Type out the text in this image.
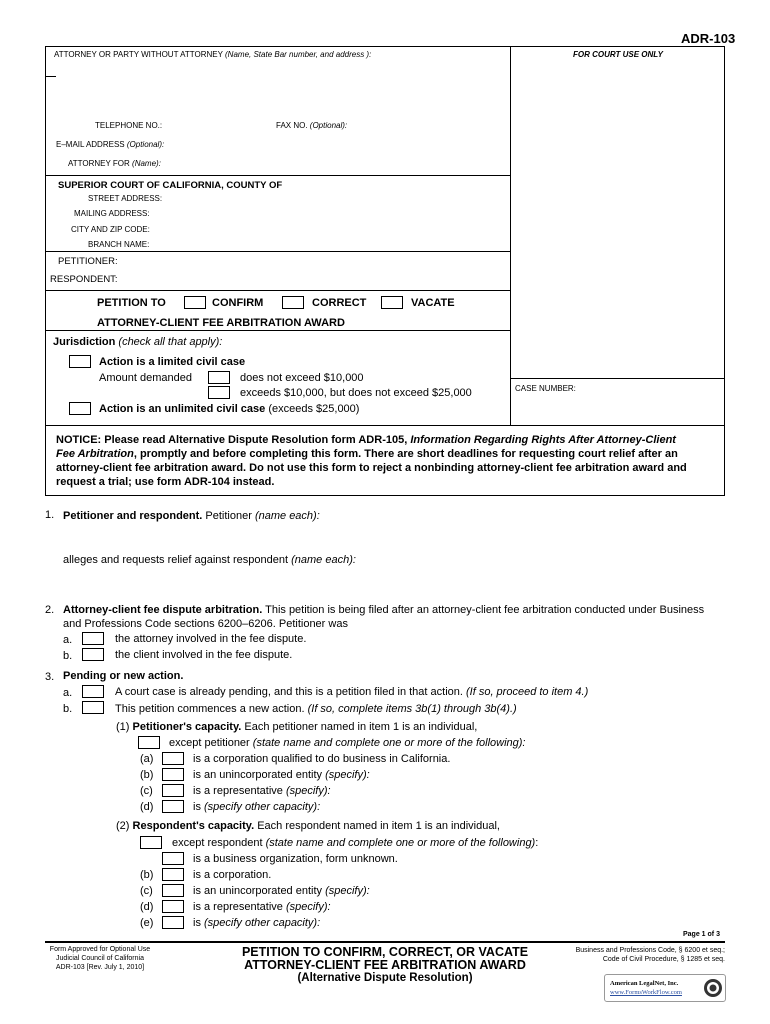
ADR-103
ATTORNEY OR PARTY WITHOUT ATTORNEY (Name, State Bar number, and address ):	FOR COURT USE ONLY
TELEPHONE NO.:	FAX NO. (Optional):
E–MAIL ADDRESS (Optional):
ATTORNEY FOR (Name):
SUPERIOR COURT OF CALIFORNIA, COUNTY OF
STREET ADDRESS:
MAILING ADDRESS:
CITY AND ZIP CODE:
BRANCH NAME:
PETITIONER:
RESPONDENT:
PETITION TO	CONFIRM	CORRECT	VACATE
ATTORNEY-CLIENT FEE ARBITRATION AWARD
Jurisdiction (check all that apply):
Action is a limited civil case
Amount demanded	does not exceed $10,000
exceeds $10,000, but does not exceed $25,000
Action is an unlimited civil case (exceeds $25,000)
CASE NUMBER:
NOTICE: Please read Alternative Dispute Resolution form ADR-105, Information Regarding Rights After Attorney-Client
Fee Arbitration, promptly and before completing this form. There are short deadlines for requesting court relief after an
attorney-client fee arbitration award. Do not use this form to reject a nonbinding attorney-client fee arbitration award and
request a trial; use form ADR-104 instead.
1. Petitioner and respondent. Petitioner (name each):
alleges and requests relief against respondent (name each):
2. Attorney-client fee dispute arbitration. This petition is being filed after an attorney-client fee arbitration conducted under Business
and Professions Code sections 6200–6206. Petitioner was
a.	the attorney involved in the fee dispute.
b.	the client involved in the fee dispute.
3. Pending or new action.
a.	A court case is already pending, and this is a petition filed in that action. (If so, proceed to item 4.)
b.	This petition commences a new action. (If so, complete items 3b(1) through 3b(4).)
(1) Petitioner's capacity. Each petitioner named in item 1 is an individual,
except petitioner (state name and complete one or more of the following):
(a)	is a corporation qualified to do business in California.
(b)	is an unincorporated entity (specify):
(c)	is a representative (specify):
(d)	is (specify other capacity):
(2) Respondent's capacity. Each respondent named in item 1 is an individual,
except respondent (state name and complete one or more of the following):
is a business organization, form unknown.
(b)	is a corporation.
(c)	is an unincorporated entity (specify):
(d)	is a representative (specify):
(e)	is (specify other capacity):
Page 1 of 3
Form Approved for Optional Use
Judicial Council of California
ADR-103 [Rev. July 1, 2010]
PETITION TO CONFIRM, CORRECT, OR VACATE
ATTORNEY-CLIENT FEE ARBITRATION AWARD
(Alternative Dispute Resolution)
Business and Professions Code, § 6200 et seq.;
Code of Civil Procedure, § 1285 et seq.
American LegalNet, Inc.
www.FormsWorkFlow.com
